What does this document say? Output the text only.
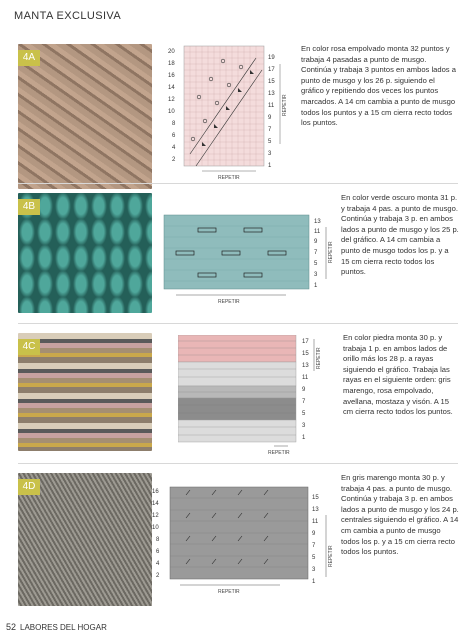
MANTA EXCLUSIVA
4A	20
18
16
14
12
10
8
6
4
2
19
17
15
13
11
9
7
5
3
1
REPETIR
REPETIR
En color rosa empolvado monta 32 puntos y trabaja 4 pasadas a punto de musgo. Continúa y trabaja 3 puntos en ambos lados a punto de musgo y los 26 p. siguiendo el gráfico y repitiendo dos veces los puntos marcados. A 14 cm cambia a punto de musgo todos los puntos y a 15 cm cierra recto todos los puntos.
4B
13
11
9
7
5
3
1
REPETIR
REPETIR
En color verde oscuro monta 31 p. y trabaja 4 pas. a punto de musgo. Continúa y trabaja 3 p. en ambos lados a punto de musgo y los 25 p. del gráfico. A 14 cm cambia a punto de musgo todos los p. y a 15 cm cierra recto todos los puntos.
4C	17
15
13
11
9
7
5
3
1
REPETIR
REPETIR
En color piedra monta 30 p. y trabaja 1 p. en ambos lados de orillo más los 28 p. a rayas siguiendo el gráfico. Trabaja las rayas en el siguiente orden: gris marengo, rosa empolvado, avellana, mostaza y visón. A 15 cm cierra recto todos los puntos.
4D	16
14
12
10
8
6
4
2
15
13
11
9
7
5
3
1
REPETIR
REPETIR
En gris marengo monta 30 p. y trabaja 4 pas. a punto de musgo. Continúa y trabaja 3 p. en ambos lados a punto de musgo y los 24 p. centrales siguiendo el gráfico. A 14 cm cambia a punto de musgo todos los p. y a 15 cm cierra recto todos los puntos.
52 LABORES DEL HOGAR
